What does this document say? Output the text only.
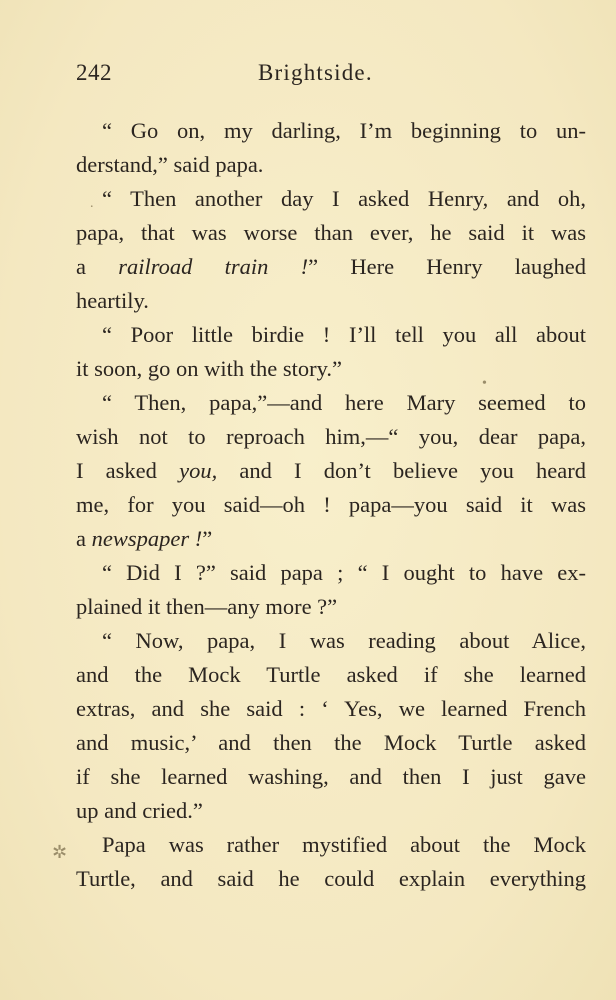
242	Brightside.
“ Go on, my darling, I’m beginning to un-
derstand,” said papa.
“ Then another day I asked Henry, and oh,
papa, that was worse than ever, he said it was
a railroad train !” Here Henry laughed
heartily.
“ Poor little birdie ! I’ll tell you all about
it soon, go on with the story.”
“ Then, papa,”—and here Mary seemed to
wish not to reproach him,—“ you, dear papa,
I asked you, and I don’t believe you heard
me, for you said—oh ! papa—you said it was
a newspaper !”
“ Did I ?” said papa ; “ I ought to have ex-
plained it then—any more ?”
“ Now, papa, I was reading about Alice,
and the Mock Turtle asked if she learned
extras, and she said : ‘ Yes, we learned French
and music,’ and then the Mock Turtle asked
if she learned washing, and then I just gave
up and cried.”
Papa was rather mystified about the Mock
Turtle, and said he could explain everything
.
•
✲
